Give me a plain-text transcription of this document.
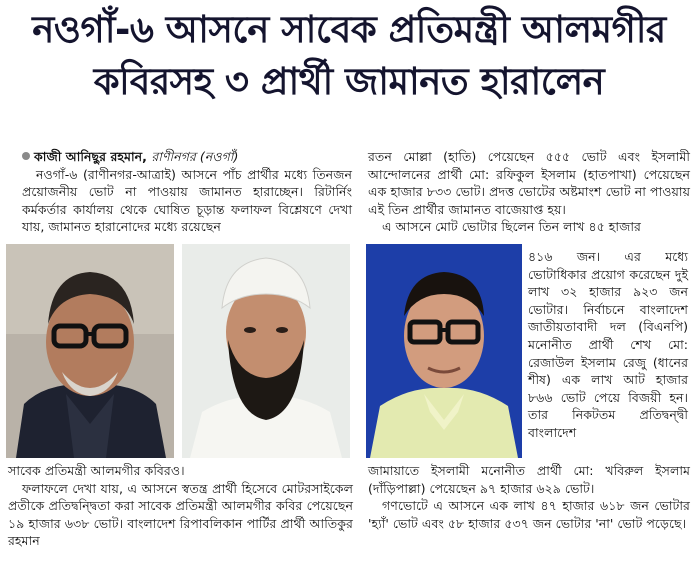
নওগাঁ-৬ আসনে সাবেক প্রতিমন্ত্রী আলমগীর
কবিরসহ ৩ প্রার্থী জামানত হারালেন
কাজী আনিছুর রহমান, রাণীনগর (নওগাঁ)

নওগাঁ-৬ (রাণীনগর-আত্রাই) আসনে পাঁচ প্রার্থীর মধ্যে তিনজন প্রয়োজনীয় ভোট না পাওয়ায় জামানত হারাচ্ছেন। রিটার্নিং কর্মকর্তার কার্যালয় থেকে ঘোষিত চূড়ান্ত ফলাফল বিশ্লেষণে দেখা যায়, জামানত হারানোদের মধ্যে রয়েছেন

রতন মোল্লা (হাতি) পেয়েছেন ৫৫৫ ভোট এবং ইসলামী আন্দোলনের প্রার্থী মো: রফিকুল ইসলাম (হাতপাখা) পেয়েছেন এক হাজার ৮৩৩ ভোট। প্রদত্ত ভোটের অষ্টমাংশ ভোট না পাওয়ায় এই তিন প্রার্থীর জামানত বাজেয়াপ্ত হয়।

এ আসনে মোট ভোটার ছিলেন তিন লাখ ৪৫ হাজার

৪১৬ জন। এর মধ্যে ভোটাধিকার প্রয়োগ করেছেন দুই লাখ ৩২ হাজার ৯২৩ জন ভোটার। নির্বাচনে বাংলাদেশ জাতীয়তাবাদী দল (বিএনপি) মনোনীত প্রার্থী শেখ মো: রেজাউল ইসলাম রেজু (ধানের শীষ) এক লাখ আট হাজার ৮৬৬ ভোট পেয়ে বিজয়ী হন। তার নিকটতম প্রতিদ্বন্দ্বী বাংলাদেশ

সাবেক প্রতিমন্ত্রী আলমগীর কবিরও।

ফলাফলে দেখা যায়, এ আসনে স্বতন্ত্র প্রার্থী হিসেবে মোটরসাইকেল প্রতীকে প্রতিদ্বন্দ্বিতা করা সাবেক প্রতিমন্ত্রী আলমগীর কবির পেয়েছেন ১৯ হাজার ৬৩৮ ভোট। বাংলাদেশ রিপাবলিকান পার্টির প্রার্থী আতিকুর রহমান

জামায়াতে ইসলামী মনোনীত প্রার্থী মো: খবিরুল ইসলাম (দাঁড়িপাল্লা) পেয়েছেন ৯৭ হাজার ৬২৯ ভোট।

গণভোটে এ আসনে এক লাখ ৪৭ হাজার ৬১৮ জন ভোটার 'হ্যাঁ' ভোট এবং ৫৮ হাজার ৫৩৭ জন ভোটার 'না' ভোট পড়েছে।
